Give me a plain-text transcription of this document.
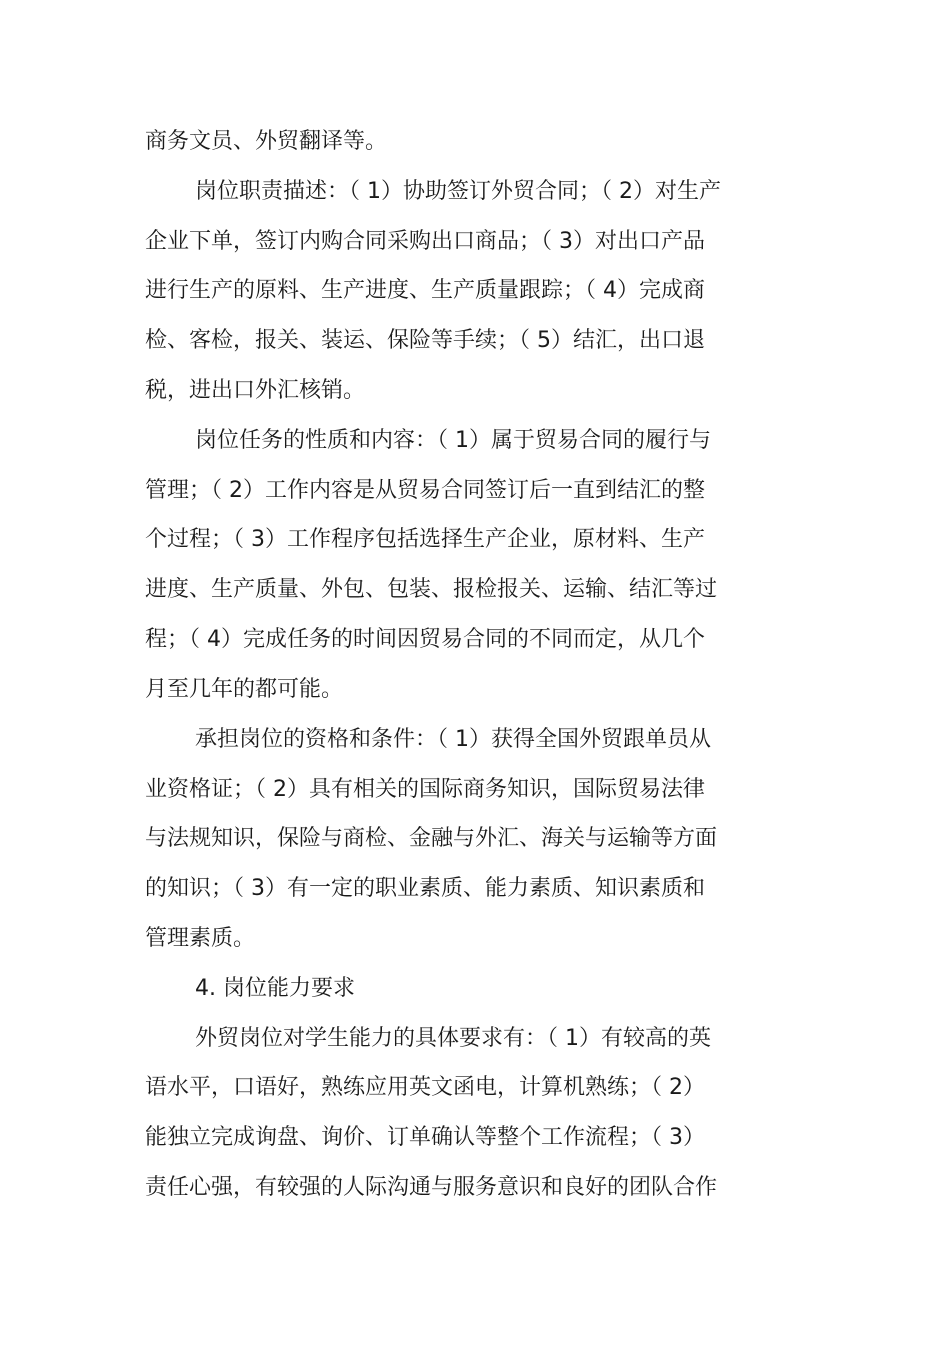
商务文员、外贸翻译等。
岗位职责描述：（ 1）协助签订外贸合同；（ 2）对生产
企业下单，签订内购合同采购出口商品；（ 3）对出口产品
进行生产的原料、生产进度、生产质量跟踪；（ 4）完成商
检、客检，报关、装运、保险等手续；（ 5）结汇，出口退
税，进出口外汇核销。
岗位任务的性质和内容：（ 1）属于贸易合同的履行与
管理；（ 2）工作内容是从贸易合同签订后一直到结汇的整
个过程；（ 3）工作程序包括选择生产企业，原材料、生产
进度、生产质量、外包、包装、报检报关、运输、结汇等过
程；（ 4）完成任务的时间因贸易合同的不同而定，从几个
月至几年的都可能。
承担岗位的资格和条件：（ 1）获得全国外贸跟单员从
业资格证；（ 2）具有相关的国际商务知识，国际贸易法律
与法规知识，保险与商检、金融与外汇、海关与运输等方面
的知识；（ 3）有一定的职业素质、能力素质、知识素质和
管理素质。
4. 岗位能力要求
外贸岗位对学生能力的具体要求有：（ 1）有较高的英
语水平，口语好，熟练应用英文函电，计算机熟练；（ 2）
能独立完成询盘、询价、订单确认等整个工作流程；（ 3）
责任心强，有较强的人际沟通与服务意识和良好的团队合作
